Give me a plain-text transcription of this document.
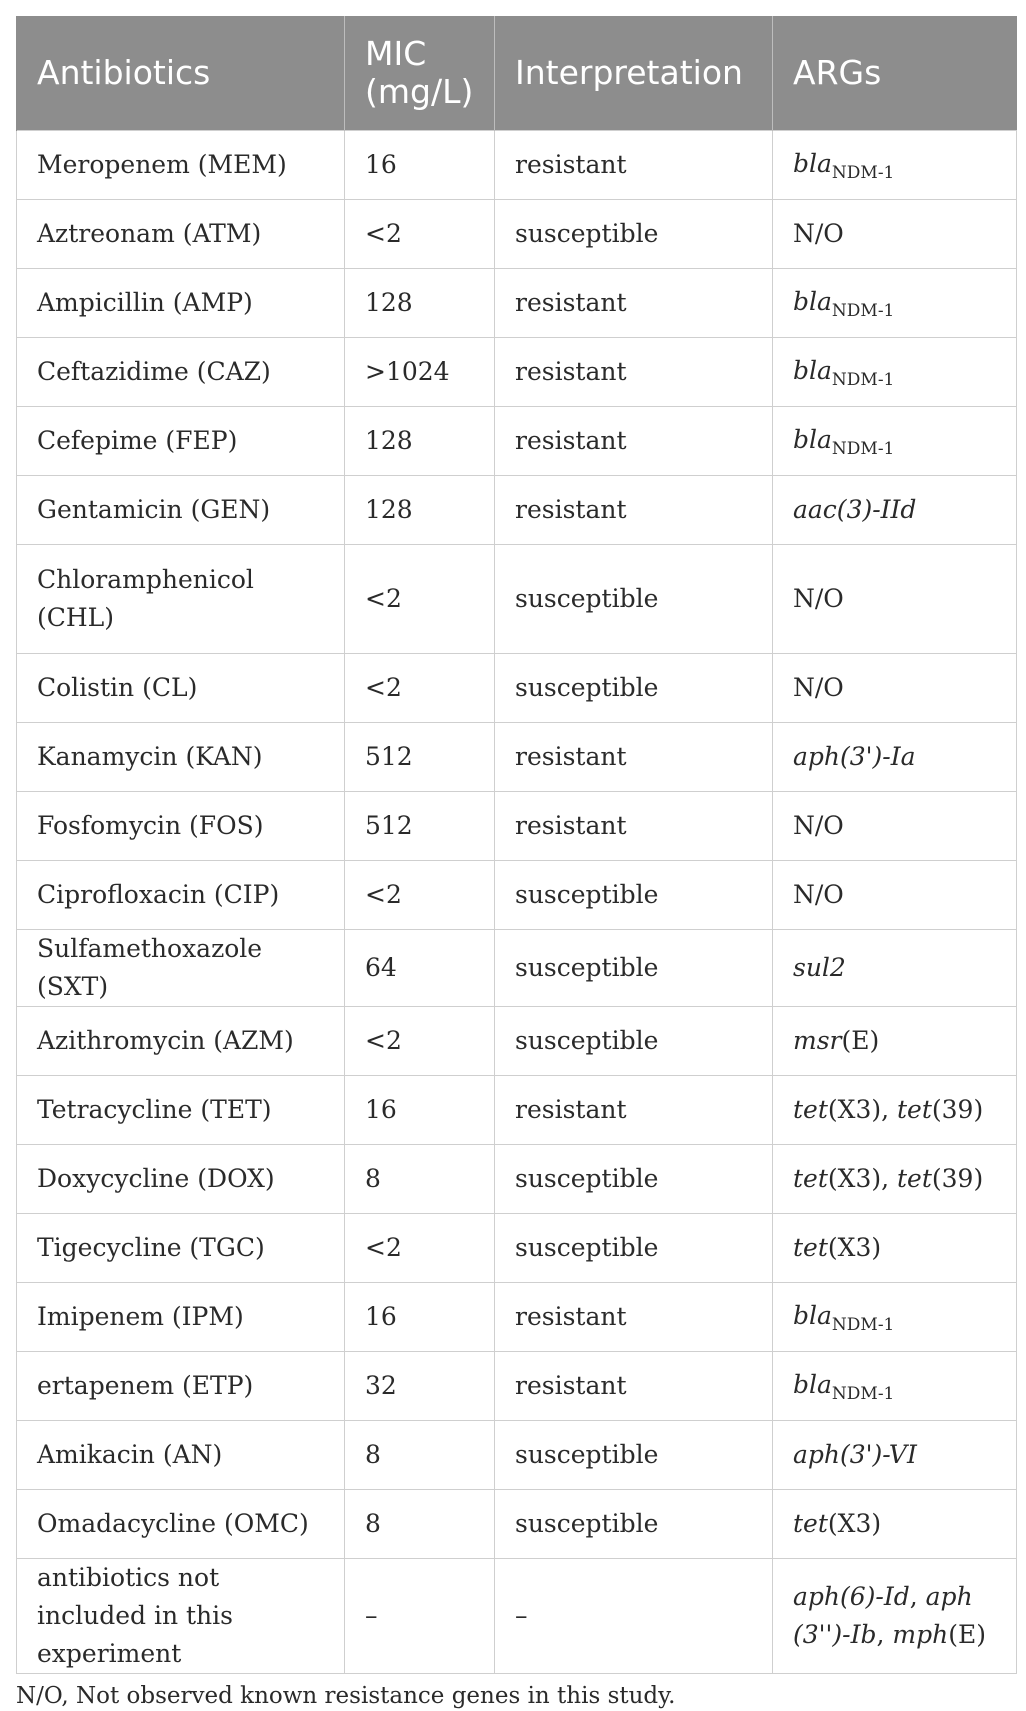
Antibiotics	MIC (mg/L)	Interpretation	ARGs
Meropenem (MEM)	16	resistant	bla$_{NDM-1}$
Aztreonam (ATM)	<2	susceptible	N/O
Ampicillin (AMP)	128	resistant	bla$_{NDM-1}$
Ceftazidime (CAZ)	>1024	resistant	bla$_{NDM-1}$
Cefepime (FEP)	128	resistant	bla$_{NDM-1}$
Gentamicin (GEN)	128	resistant	aac(3)-IId
Chloramphenicol (CHL)	<2	susceptible	N/O
Colistin (CL)	<2	susceptible	N/O
Kanamycin (KAN)	512	resistant	aph(3')-Ia
Fosfomycin (FOS)	512	resistant	N/O
Ciprofloxacin (CIP)	<2	susceptible	N/O
Sulfamethoxazole (SXT)	64	susceptible	sul2
Azithromycin (AZM)	<2	susceptible	msr(E)
Tetracycline (TET)	16	resistant	tet(X3), tet(39)
Doxycycline (DOX)	8	susceptible	tet(X3), tet(39)
Tigecycline (TGC)	<2	susceptible	tet(X3)
Imipenem (IPM)	16	resistant	bla$_{NDM-1}$
ertapenem (ETP)	32	resistant	bla$_{NDM-1}$
Amikacin (AN)	8	susceptible	aph(3')-VI
Omadacycline (OMC)	8	susceptible	tet(X3)
antibiotics not included in this experiment	–	–	aph(6)-Id, aph (3'')-Ib, mph(E)
N/O, Not observed known resistance genes in this study.
